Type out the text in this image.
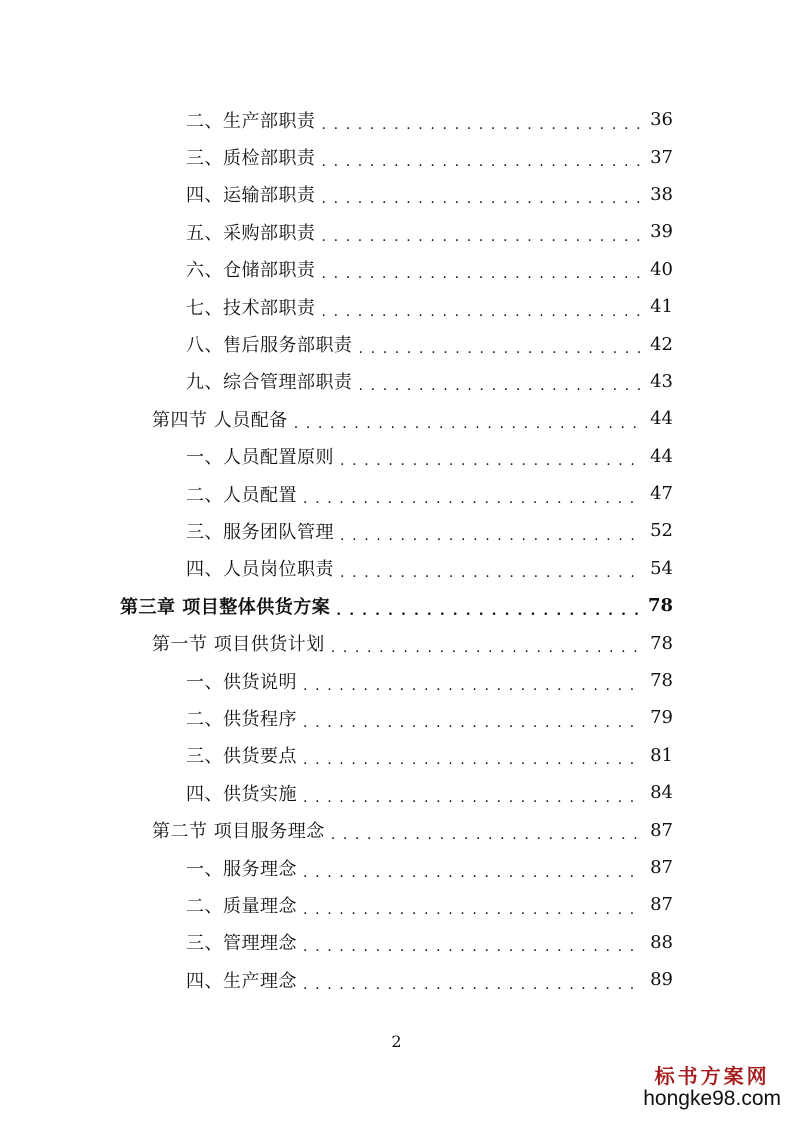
二、生产部职责 . . .	36
三、质检部职责 . . .	37
四、运输部职责 . . .	38
五、采购部职责 . . .	39
六、仓储部职责 . . .	40
七、技术部职责 . . .	41
八、售后服务部职责 . . .	42
九、综合管理部职责 . . .	43
第四节 人员配备 . . .	44
一、人员配置原则 . . .	44
二、人员配置 . . .	47
三、服务团队管理 . . .	52
四、人员岗位职责 . . .	54
第三章 项目整体供货方案 . . .	78
第一节 项目供货计划 . . .	78
一、供货说明 . . .	78
二、供货程序 . . .	79
三、供货要点 . . .	81
四、供货实施 . . .	84
第二节 项目服务理念 . . .	87
一、服务理念 . . .	87
二、质量理念 . . .	87
三、管理理念 . . .	88
四、生产理念 . . .	89
2
标书方案网
hongke98.com
